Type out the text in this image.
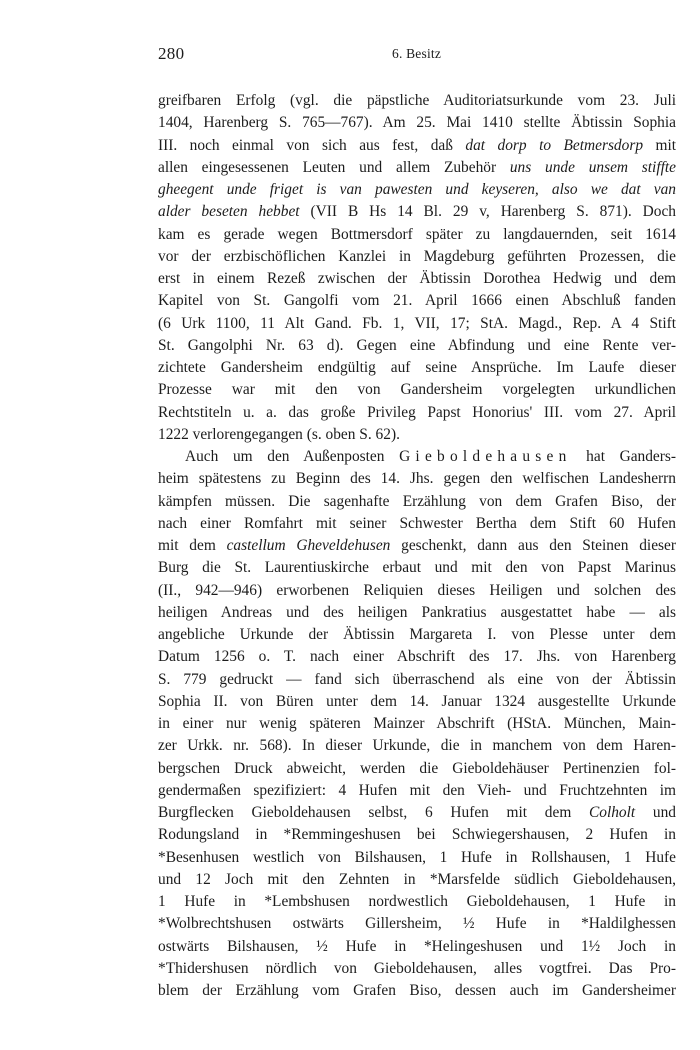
280	6. Besitz
greifbaren Erfolg (vgl. die päpstliche Auditoriatsurkunde vom 23. Juli
1404, Harenberg S. 765—767). Am 25. Mai 1410 stellte Äbtissin Sophia
III. noch einmal von sich aus fest, daß dat dorp to Betmersdorp mit
allen eingesessenen Leuten und allem Zubehör uns unde unsem stiffte
gheegent unde friget is van pawesten und keyseren, also we dat van
alder beseten hebbet (VII B Hs 14 Bl. 29 v, Harenberg S. 871). Doch
kam es gerade wegen Bottmersdorf später zu langdauernden, seit 1614
vor der erzbischöflichen Kanzlei in Magdeburg geführten Prozessen, die
erst in einem Rezeß zwischen der Äbtissin Dorothea Hedwig und dem
Kapitel von St. Gangolfi vom 21. April 1666 einen Abschluß fanden
(6 Urk 1100, 11 Alt Gand. Fb. 1, VII, 17; StA. Magd., Rep. A 4 Stift
St. Gangolphi Nr. 63 d). Gegen eine Abfindung und eine Rente ver-
zichtete Gandersheim endgültig auf seine Ansprüche. Im Laufe dieser
Prozesse war mit den von Gandersheim vorgelegten urkundlichen
Rechtstiteln u. a. das große Privileg Papst Honorius' III. vom 27. April
1222 verlorengegangen (s. oben S. 62).
Auch um den Außenposten Gieboldehausen hat Ganders-
heim spätestens zu Beginn des 14. Jhs. gegen den welfischen Landesherrn
kämpfen müssen. Die sagenhafte Erzählung von dem Grafen Biso, der
nach einer Romfahrt mit seiner Schwester Bertha dem Stift 60 Hufen
mit dem castellum Gheveldehusen geschenkt, dann aus den Steinen dieser
Burg die St. Laurentiuskirche erbaut und mit den von Papst Marinus
(II., 942—946) erworbenen Reliquien dieses Heiligen und solchen des
heiligen Andreas und des heiligen Pankratius ausgestattet habe — als
angebliche Urkunde der Äbtissin Margareta I. von Plesse unter dem
Datum 1256 o. T. nach einer Abschrift des 17. Jhs. von Harenberg
S. 779 gedruckt — fand sich überraschend als eine von der Äbtissin
Sophia II. von Büren unter dem 14. Januar 1324 ausgestellte Urkunde
in einer nur wenig späteren Mainzer Abschrift (HStA. München, Main-
zer Urkk. nr. 568). In dieser Urkunde, die in manchem von dem Haren-
bergschen Druck abweicht, werden die Gieboldehäuser Pertinenzien fol-
gendermaßen spezifiziert: 4 Hufen mit den Vieh- und Fruchtzehnten im
Burgflecken Gieboldehausen selbst, 6 Hufen mit dem Colholt und
Rodungsland in *Remmingeshusen bei Schwiegershausen, 2 Hufen in
*Besenhusen westlich von Bilshausen, 1 Hufe in Rollshausen, 1 Hufe
und 12 Joch mit den Zehnten in *Marsfelde südlich Gieboldehausen,
1 Hufe in *Lembshusen nordwestlich Gieboldehausen, 1 Hufe in
*Wolbrechtshusen ostwärts Gillersheim, ½ Hufe in *Haldilghessen
ostwärts Bilshausen, ½ Hufe in *Helingeshusen und 1½ Joch in
*Thidershusen nördlich von Gieboldehausen, alles vogtfrei. Das Pro-
blem der Erzählung vom Grafen Biso, dessen auch im Gandersheimer
